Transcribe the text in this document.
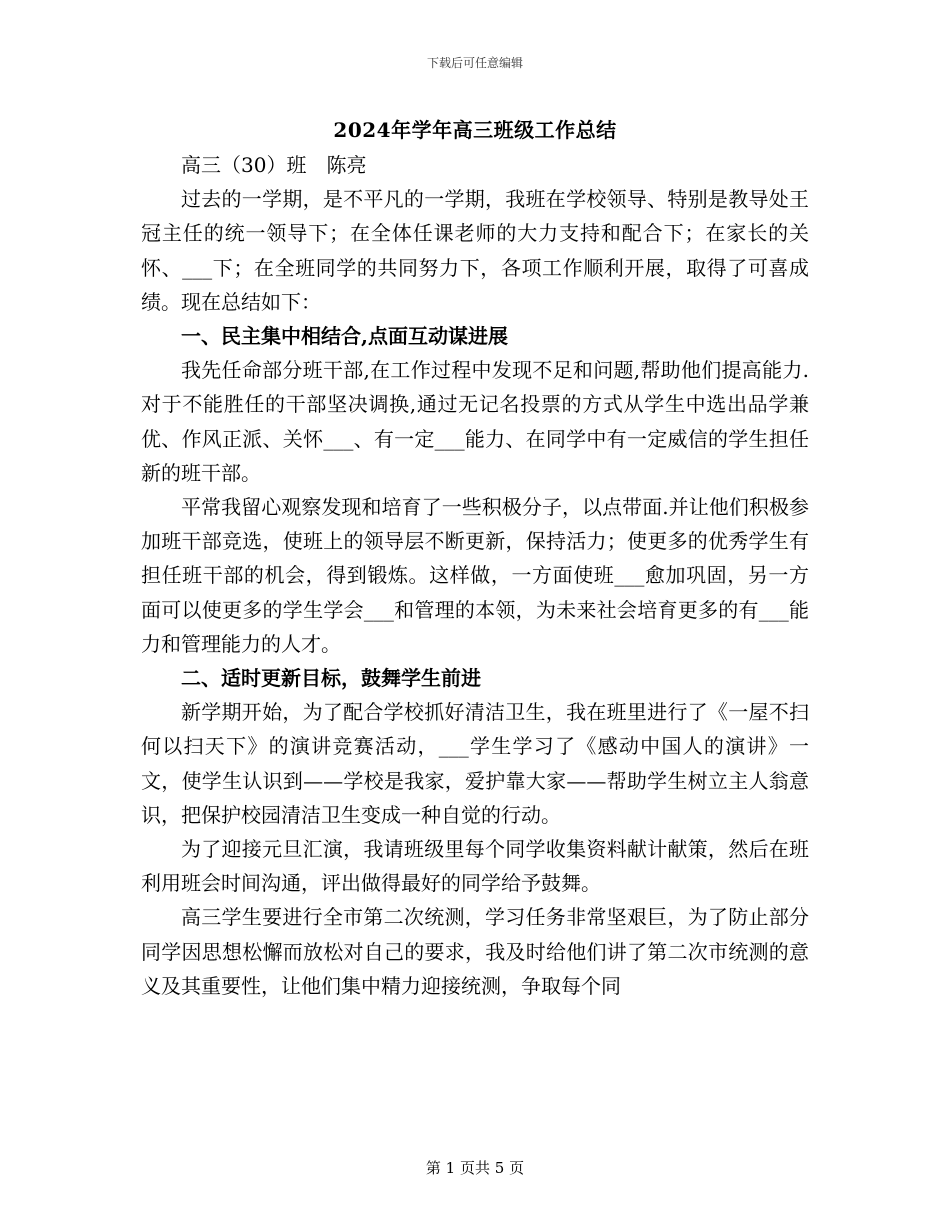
下载后可任意编辑
2024年学年高三班级工作总结

高三（30）班　陈亮

过去的一学期，是不平凡的一学期，我班在学校领导、特别是教导处王冠主任的统一领导下；在全体任课老师的大力支持和配合下；在家长的关怀、___下；在全班同学的共同努力下，各项工作顺利开展，取得了可喜成绩。现在总结如下：

一、民主集中相结合,点面互动谋进展

我先任命部分班干部,在工作过程中发现不足和问题,帮助他们提高能力.对于不能胜任的干部坚决调换,通过无记名投票的方式从学生中选出品学兼优、作风正派、关怀___、有一定___能力、在同学中有一定威信的学生担任新的班干部。

平常我留心观察发现和培育了一些积极分子，以点带面.并让他们积极参加班干部竞选，使班上的领导层不断更新，保持活力；使更多的优秀学生有担任班干部的机会，得到锻炼。这样做，一方面使班___愈加巩固，另一方面可以使更多的学生学会___和管理的本领，为未来社会培育更多的有___能力和管理能力的人才。

二、适时更新目标，鼓舞学生前进

新学期开始，为了配合学校抓好清洁卫生，我在班里进行了《一屋不扫何以扫天下》的演讲竞赛活动，___学生学习了《感动中国人的演讲》一文，使学生认识到——学校是我家，爱护靠大家——帮助学生树立主人翁意识，把保护校园清洁卫生变成一种自觉的行动。

为了迎接元旦汇演，我请班级里每个同学收集资料献计献策，然后在班利用班会时间沟通，评出做得最好的同学给予鼓舞。

高三学生要进行全市第二次统测，学习任务非常坚艰巨，为了防止部分同学因思想松懈而放松对自己的要求，我及时给他们讲了第二次市统测的意义及其重要性，让他们集中精力迎接统测，争取每个同

第 1 页共 5 页
